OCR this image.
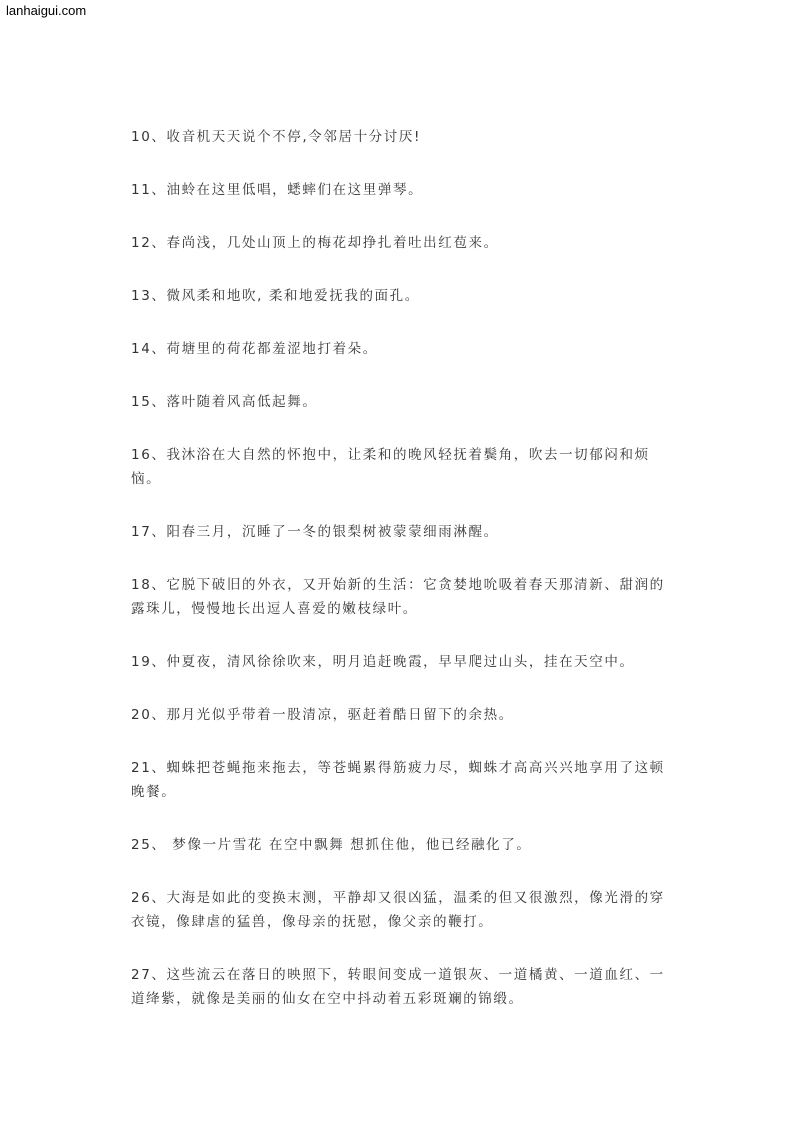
lanhaigui.com

10、收音机天天说个不停,令邻居十分讨厌!

11、油蛉在这里低唱，蟋蟀们在这里弹琴。

12、春尚浅，几处山顶上的梅花却挣扎着吐出红苞来。

13、微风柔和地吹, 柔和地爱抚我的面孔。

14、荷塘里的荷花都羞涩地打着朵。

15、落叶随着风高低起舞。

16、我沐浴在大自然的怀抱中，让柔和的晚风轻抚着鬓角，吹去一切郁闷和烦恼。

17、阳春三月，沉睡了一冬的银梨树被蒙蒙细雨淋醒。

18、它脱下破旧的外衣，又开始新的生活：它贪婪地吮吸着春天那清新、甜润的露珠儿，慢慢地长出逗人喜爱的嫩枝绿叶。

19、仲夏夜，清风徐徐吹来，明月追赶晚霞，早早爬过山头，挂在天空中。

20、那月光似乎带着一股清凉，驱赶着酷日留下的余热。

21、蜘蛛把苍蝇拖来拖去，等苍蝇累得筋疲力尽，蜘蛛才高高兴兴地享用了这顿晚餐。

25、 梦像一片雪花 在空中飘舞 想抓住他，他已经融化了。

26、大海是如此的变换末测，平静却又很凶猛，温柔的但又很激烈，像光滑的穿衣镜，像肆虐的猛兽，像母亲的抚慰，像父亲的鞭打。

27、这些流云在落日的映照下，转眼间变成一道银灰、一道橘黄、一道血红、一道绛紫，就像是美丽的仙女在空中抖动着五彩斑斓的锦缎。
